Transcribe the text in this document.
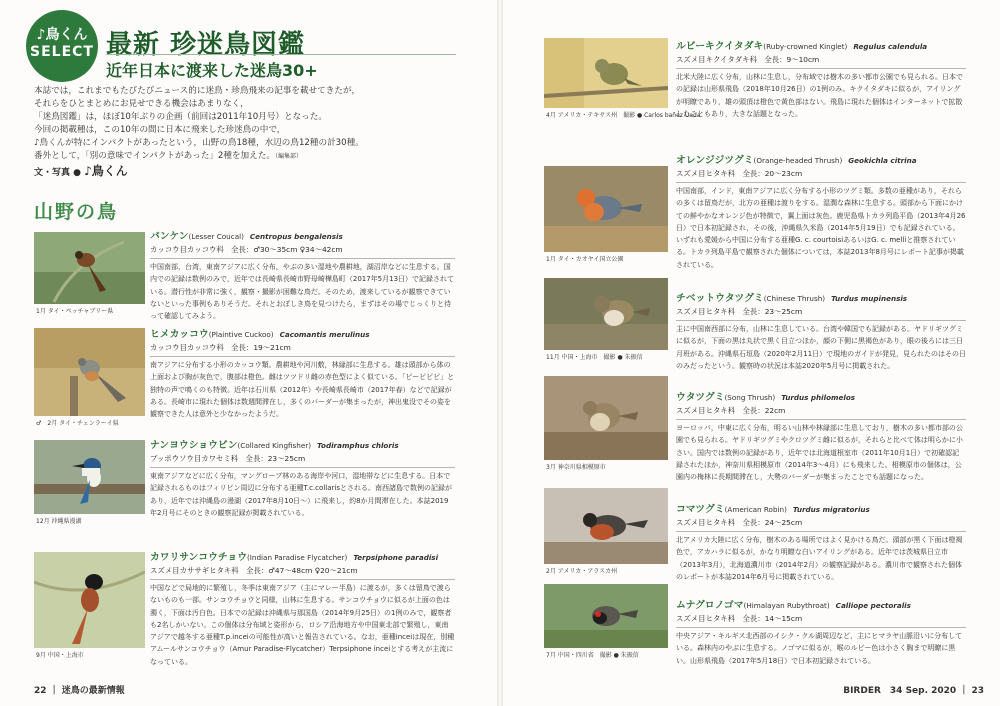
♪鳥くん
SELECT 最新 珍迷鳥図鑑
近年日本に渡来した迷鳥30+

本誌では，これまでもたびたびニュース的に迷鳥・珍鳥飛来の記事を載せてきたが，

それらをひとまとめにお見せできる機会はあまりなく，

「迷鳥図鑑」は，ほぼ10年ぶりの企画（前回は2011年10月号）となった。

今回の掲載種は，この10年の間に日本に飛来した珍迷鳥の中で，

♪鳥くんが特にインパクトがあったという，山野の鳥18種，水辺の鳥12種の計30種。

番外として，「別の意味でインパクトがあった」2種を加えた。（編集部）

文・写真 ● ♪鳥くん
山野の鳥
1月 タイ・ペッチャブリー県
バンケン(Lesser Coucal) Centropus bengalensis
カッコウ目カッコウ科　全長：♂30〜35cm ♀34〜42cm
中国南部，台湾，東南アジアに広く分布，やぶの多い湿地や農耕地，湖沼岸などに生息する。国内での記録は数例のみで，近年では長崎県長崎市野母崎樺島町（2017年5月13日）で記録されている。潜行性が非常に強く，観察・撮影が困難な鳥だ。そのため，渡来しているが観察できていないといった事例もありそうだ。それとおぼしき鳥を見つけたら，まずはその場でじっくりと待って確認してみよう。
♂　2月 タイ・チェンラーイ県
ヒメカッコウ(Plaintive Cuckoo) Cacomantis merulinus
カッコウ目カッコウ科　全長：19〜21cm
南アジアに分布する小形のカッコウ類。農耕地や河川敷，林縁部に生息する。雄は頭部から体の上面および胸が灰色で，腹部は橙色。雌はツツドリ雌の赤色型によく似ている。「ピーピピピ」と独特の声で鳴くのも特徴。近年は石川県（2012年）や長崎県長崎市（2017年春）などで記録がある。長崎市に現れた個体は数週間滞在し，多くのバーダーが集まったが，神出鬼没でその姿を観察できた人は意外と少なかったようだ。
12月 沖縄県漫湖
ナンヨウショウビン(Collared Kingfisher) Todiramphus chloris
ブッポウソウ目カワセミ科　全長：23〜25cm
東南アジアなどに広く分布，マングローブ林のある海岸や河口，湿地帯などに生息する。日本で記録されるものはフィリピン周辺に分布する亜種T.c.collarisとされる。南西諸島で数例の記録があり，近年では沖縄島の漫湖（2017年8月10日〜）に飛来し，約8か月間滞在した。本誌2019年2月号にそのときの観察記録が掲載されている。
9月 中国・上海市
カワリサンコウチョウ(Indian Paradise Flycatcher) Terpsiphone paradisi
スズメ目カササギヒタキ科　全長：♂47〜48cm ♀20〜21cm
中国などで局地的に繁殖し，冬季は東南アジア（主にマレー半島）に渡るが，多くは留鳥で渡らないものも一部。サンコウチョウと同様，山林に生息する。サンコウチョウに似るが上面の色は濁く，下面は汚白色。日本での記録は沖縄県与那国島（2014年9月25日）の1例のみで，観察者も2名しかいない。この個体は分布域と姿形から，ロシア沿海地方や中国東北部で繁殖し，東南アジアで越冬する亜種T.p.inceiの可能性が高いと報告されている。なお，亜種inceiは現在，別種アムールサンコウチョウ（Amur Paradise-Flycatcher）Terpsiphone inceiとする考えが主流になっている。
4月 アメリカ・テキサス州　撮影 ● Carlos bañez Ueda
ルビーキクイタダキ(Ruby-crowned Kinglet) Regulus calendula
スズメ目キクイタダキ科　全長：9〜10cm
北米大陸に広く分布，山林に生息し，分布域では樹木の多い都市公園でも見られる。日本での記録は山形県飛島（2018年10月26日）の1例のみ。キクイタダキに似るが，アイリングが明瞭であり，雄の頭頂は橙色で黄色部はない。飛島に現れた個体はインターネットで拡散したこともあり，大きな話題となった。
1月 タイ・カオヤイ国立公園
オレンジジツグミ(Orange-headed Thrush) Geokichla citrina
スズメ目ヒタキ科　全長：20〜23cm
中国南部，インド，東南アジアに広く分布する小形のツグミ類。多数の亜種があり，それらの多くは留鳥だが，北方の亜種は渡りをする。湿潤な森林に生息する。頭部から下面にかけての鮮やかなオレンジ色が特徴で，翼上面は灰色。鹿児島県トカラ列島平島（2013年4月26日）で日本初記録され，その後，沖縄県久米島（2014年5月19日）でも記録されている。いずれも愛媛から中国に分布する亜種G. c. courtoisiあるいはG. c. melliと推察されている。トカラ列島平島で観察された個体については，本誌2013年8月号にレポート記事が掲載されている。
11月 中国・上海市　撮影 ● 朱振信
チベットウタツグミ(Chinese Thrush) Turdus mupinensis
スズメ目ヒタキ科　全長：23〜25cm
主に中国南西部に分布，山林に生息している。台湾や韓国でも記録がある。ヤドリギツグミに似るが，下面の黒は丸状で黒く目立つほか，顔の下側に黒褐色があり，眼の後ろには三日月班がある。沖縄県石垣島（2020年2月11日）で現地のガイドが発見，見られたのはその日のみだったという。観察時の状況は本誌2020年5月号に掲載された。
3月 神奈川県相模原市
ウタツグミ(Song Thrush) Turdus philomelos
スズメ目ヒタキ科　全長：22cm
ヨーロッパ，中東に広く分布，明るい山林や林縁部に生息しており，樹木の多い都市部の公園でも見られる。ヤドリギツグミやクロツグミ雌に似るが，それらと比べて体は明らかに小さい。国内では数例の記録があり，近年では北海道根室市（2011年10月1日）で初確認記録されたほか，神奈川県相模原市（2014年3〜4月）にも飛来した。相模原市の個体は，公園内の梅林に長期間滞在し，大勢のバーダーが集まったことでも話題になった。
2月 アメリカ・アラスカ州
コマツグミ(American Robin) Turdus migratorius
スズメ目ヒタキ科　全長：24〜25cm
北アメリカ大陸に広く分布，樹木のある場所ではよく見かける鳥だ。頭部が黒く下面は橙褐色で，アカハラに似るが，かなり明瞭な白いアイリングがある。近年では茨城県日立市（2013年3月），北海道濃川市（2014年2月）の観察記録がある。濃川市で観察された個体のレポートが本誌2014年6月号に掲載されている。
7月 中国・四川省　撮影 ● 朱振信
ムナグロノゴマ(Himalayan Rubythroat) Calliope pectoralis
スズメ目ヒタキ科　全長：14〜15cm
中央アジア・キルギス北西部のイシク・クル湖周辺など，主にヒマラヤ山脈沿いに分布している。森林内のやぶに生息する。ノゴマに似るが，喉のルビー色は小さく胸まで明瞭に黒い。山形県飛島（2017年5月18日）で日本初記録されている。
22 ｜ 迷鳥の最新情報	BIRDER　34 Sep. 2020 ｜ 23
